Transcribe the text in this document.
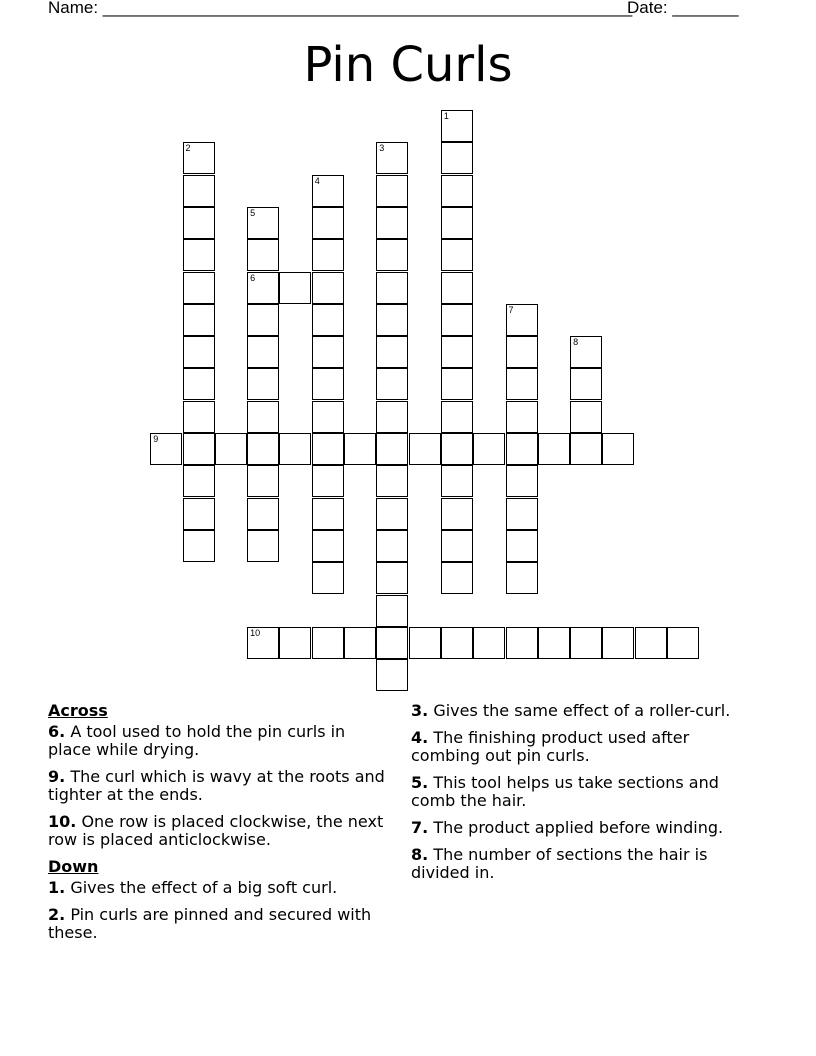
Name: ________________________________________________________
Date: _______
Pin Curls
1
2	3
4
5
6
7
8
9
10
Across
6. A tool used to hold the pin curls in place while drying.
9. The curl which is wavy at the roots and tighter at the ends.
10. One row is placed clockwise, the next row is placed anticlockwise.
Down
1. Gives the effect of a big soft curl.
2. Pin curls are pinned and secured with these.
3. Gives the same effect of a roller-curl.
4. The finishing product used after combing out pin curls.
5. This tool helps us take sections and comb the hair.
7. The product applied before winding.
8. The number of sections the hair is divided in.
